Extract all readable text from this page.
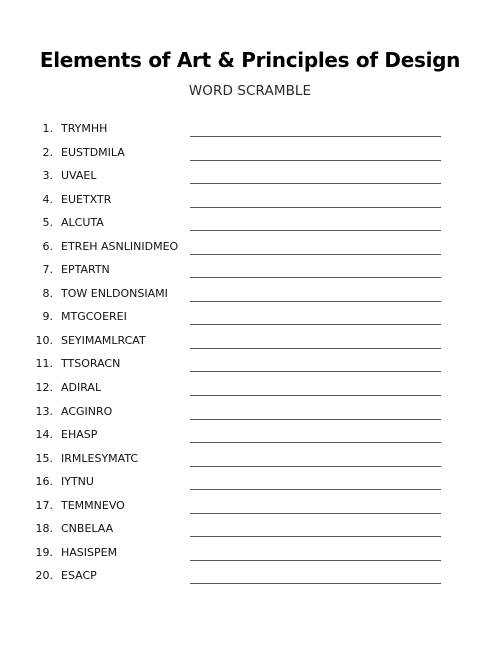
Elements of Art & Principles of Design
WORD SCRAMBLE
1. TRYMHH
2. EUSTDMILA
3. UVAEL
4. EUETXTR
5. ALCUTA
6. ETREH ASNLINIDMEO
7. EPTARTN
8. TOW ENLDONSIAMI
9. MTGCOEREI
10. SEYIMAMLRCAT
11. TTSORACN
12. ADIRAL
13. ACGINRO
14. EHASP
15. IRMLESYMATC
16. IYTNU
17. TEMMNEVO
18. CNBELAA
19. HASISPEM
20. ESACP
